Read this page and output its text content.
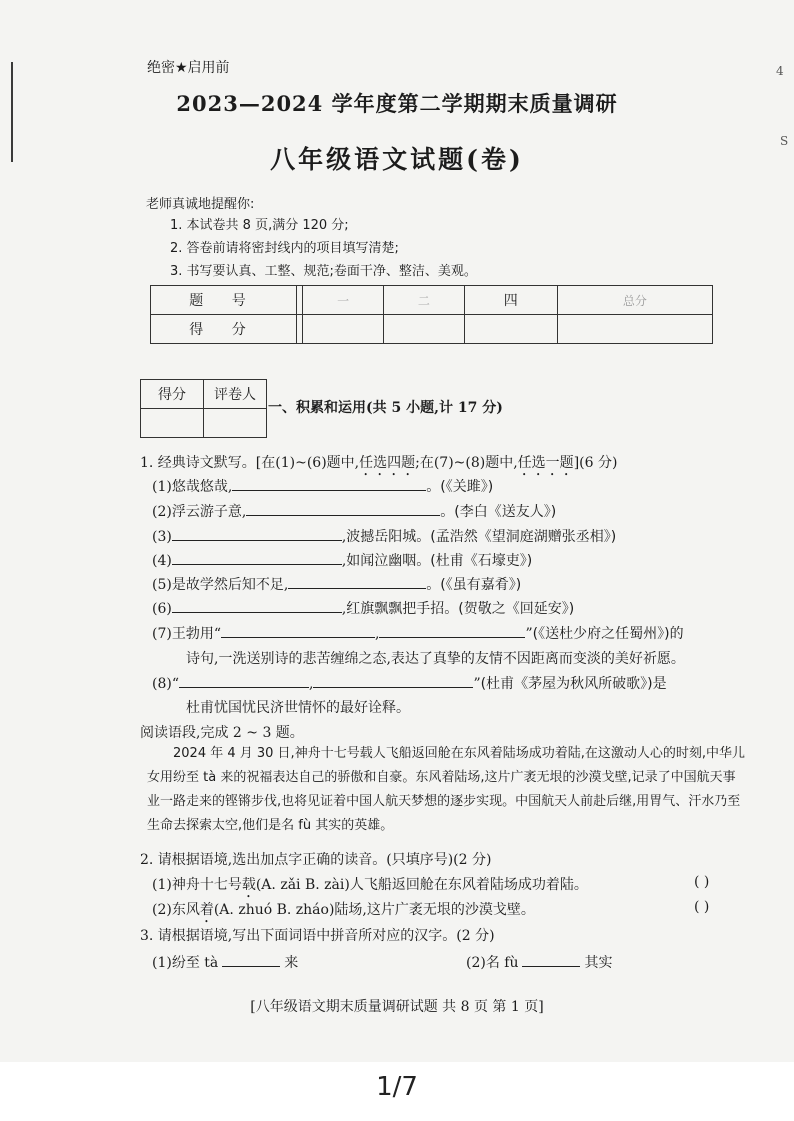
4
S
绝密★启用前
2023—2024 学年度第二学期期末质量调研
八年级语文试题(卷)
老师真诚地提醒你:
1. 本试卷共 8 页,满分 120 分;
2. 答卷前请将密封线内的项目填写清楚;
3. 书写要认真、工整、规范;卷面干净、整洁、美观。
题 号		一	二	四	总分
得 分					
得分	评卷人

一、积累和运用(共 5 小题,计 17 分)
1. 经典诗文默写。[在(1)~(6)题中,任选四题;在(7)~(8)题中,任选一题](6 分)
(1)悠哉悠哉,	。(《关雎》)
(2)浮云游子意,	。(李白《送友人》)
(3)	,波撼岳阳城。(孟浩然《望洞庭湖赠张丞相》)
(4)	,如闻泣幽咽。(杜甫《石壕吏》)
(5)是故学然后知不足,	。(《虽有嘉肴》)
(6)	,红旗飘飘把手招。(贺敬之《回延安》)
(7)王勃用“	,	”(《送杜少府之任蜀州》)的
诗句,一洗送别诗的悲苦缠绵之态,表达了真挚的友情不因距离而变淡的美好祈愿。
(8)“	,	”(杜甫《茅屋为秋风所破歌》)是
杜甫忧国忧民济世情怀的最好诠释。
阅读语段,完成 2 ~ 3 题。
2024 年 4 月 30 日,神舟十七号载人飞船返回舱在东风着陆场成功着陆,在这激动人心的时刻,中华儿女用纷至 tà 来的祝福表达自己的骄傲和自豪。东风着陆场,这片广袤无垠的沙漠戈壁,记录了中国航天事业一路走来的铿锵步伐,也将见证着中国人航天梦想的逐步实现。中国航天人前赴后继,用胃气、汗水乃至生命去探索太空,他们是名 fù 其实的英雄。
2. 请根据语境,选出加点字正确的读音。(只填序号)(2 分)
(1)神舟十七号载(A. zǎi B. zài)人飞船返回舱在东风着陆场成功着陆。	( )
(2)东风着(A. zhuó B. zháo)陆场,这片广袤无垠的沙漠戈壁。	( )
3. 请根据语境,写出下面词语中拼音所对应的汉字。(2 分)
(1)纷至 tà	来	(2)名 fù	其实
[八年级语文期末质量调研试题 共 8 页 第 1 页]
1/7
